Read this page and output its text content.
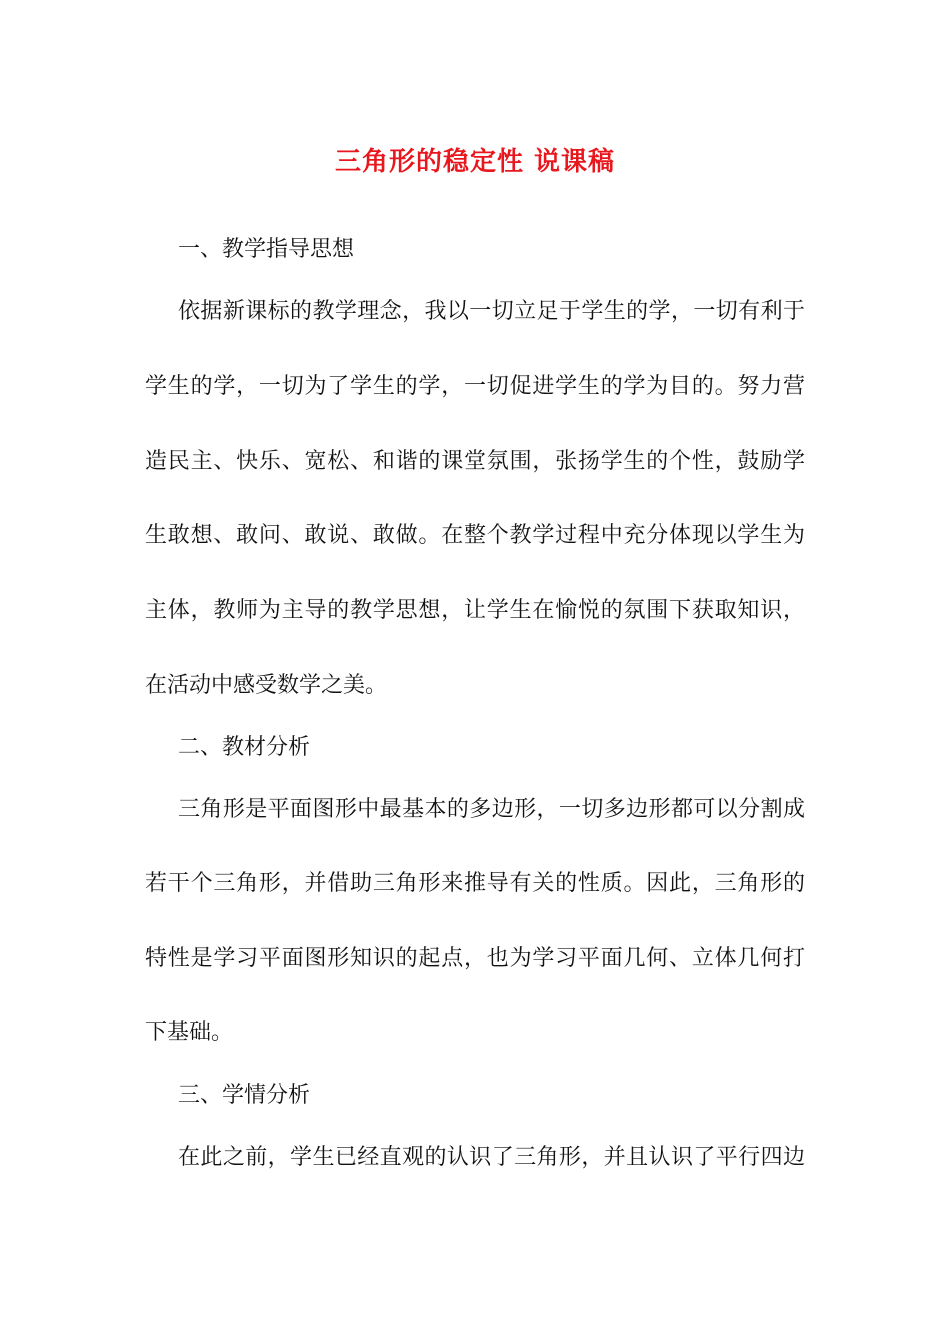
三角形的稳定性 说课稿
一、教学指导思想
依据新课标的教学理念，我以一切立足于学生的学，一切有利于
学生的学，一切为了学生的学，一切促进学生的学为目的。努力营
造民主、快乐、宽松、和谐的课堂氛围，张扬学生的个性，鼓励学
生敢想、敢问、敢说、敢做。在整个教学过程中充分体现以学生为
主体，教师为主导的教学思想，让学生在愉悦的氛围下获取知识，
在活动中感受数学之美。
二、教材分析
三角形是平面图形中最基本的多边形，一切多边形都可以分割成
若干个三角形，并借助三角形来推导有关的性质。因此，三角形的
特性是学习平面图形知识的起点，也为学习平面几何、立体几何打
下基础。
三、学情分析
在此之前，学生已经直观的认识了三角形，并且认识了平行四边
